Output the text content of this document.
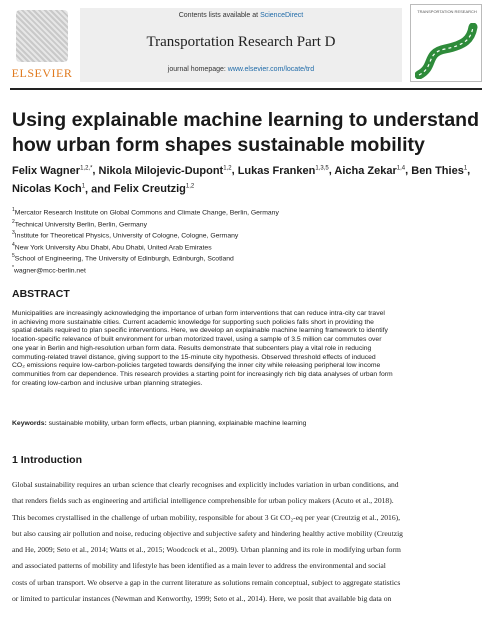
ELSEVIER
Contents lists available at ScienceDirect
Transportation Research Part D
journal homepage: www.elsevier.com/locate/trd
TRANSPORTATION RESEARCH
Using explainable machine learning to understand how urban form shapes sustainable mobility
Felix Wagner$^{1,2,*}$, Nikola Milojevic-Dupont$^{1,2}$, Lukas Franken$^{1,3,5}$, Aicha Zekar$^{1,4}$, Ben Thies$^1$, Nicolas Koch$^1$, and Felix Creutzig$^{1,2}$
$^1$Mercator Research Institute on Global Commons and Climate Change, Berlin, Germany
$^2$Technical University Berlin, Berlin, Germany
$^3$Institute for Theoretical Physics, University of Cologne, Cologne, Germany
$^4$New York University Abu Dhabi, Abu Dhabi, United Arab Emirates
$^5$School of Engineering, The University of Edinburgh, Edinburgh, Scotland
*wagner@mcc-berlin.net
ABSTRACT
Municipalities are increasingly acknowledging the importance of urban form interventions that can reduce intra-city car travel
in achieving more sustainable cities. Current academic knowledge for supporting such policies falls short in providing the
spatial details required to plan specific interventions. Here, we develop an explainable machine learning framework to identify
location-specific relevance of built environment for urban motorized travel, using a sample of 3.5 million car commutes over
one year in Berlin and high-resolution urban form data. Results demonstrate that subcenters play a vital role in reducing
commuting-related travel distance, giving support to the 15-minute city hypothesis. Observed threshold effects of induced
CO₂ emissions require low-carbon-policies targeted towards densifying the inner city while releasing peripheral low income
communities from car dependence. This research provides a starting point for increasingly rich big data analyses of urban form
for creating low-carbon and inclusive urban planning strategies.
Keywords: sustainable mobility, urban form effects, urban planning, explainable machine learning
1 Introduction
Global sustainability requires an urban science that clearly recognises and explicitly includes variation in urban conditions, and
that renders fields such as engineering and artificial intelligence comprehensible for urban policy makers (Acuto et al., 2018).
This becomes crystallised in the challenge of urban mobility, responsible for about 3 Gt CO₂-eq per year (Creutzig et al., 2016),
but also causing air pollution and noise, reducing objective and subjective safety and hindering healthy active mobility (Creutzig
and He, 2009; Seto et al., 2014; Watts et al., 2015; Woodcock et al., 2009). Urban planning and its role in modifying urban form
and associated patterns of mobility and lifestyle has been identified as a main lever to address the environmental and social
costs of urban transport. We observe a gap in the current literature as solutions remain conceptual, subject to aggregate statistics
or limited to particular instances (Newman and Kenworthy, 1999; Seto et al., 2014). Here, we posit that available big data on
